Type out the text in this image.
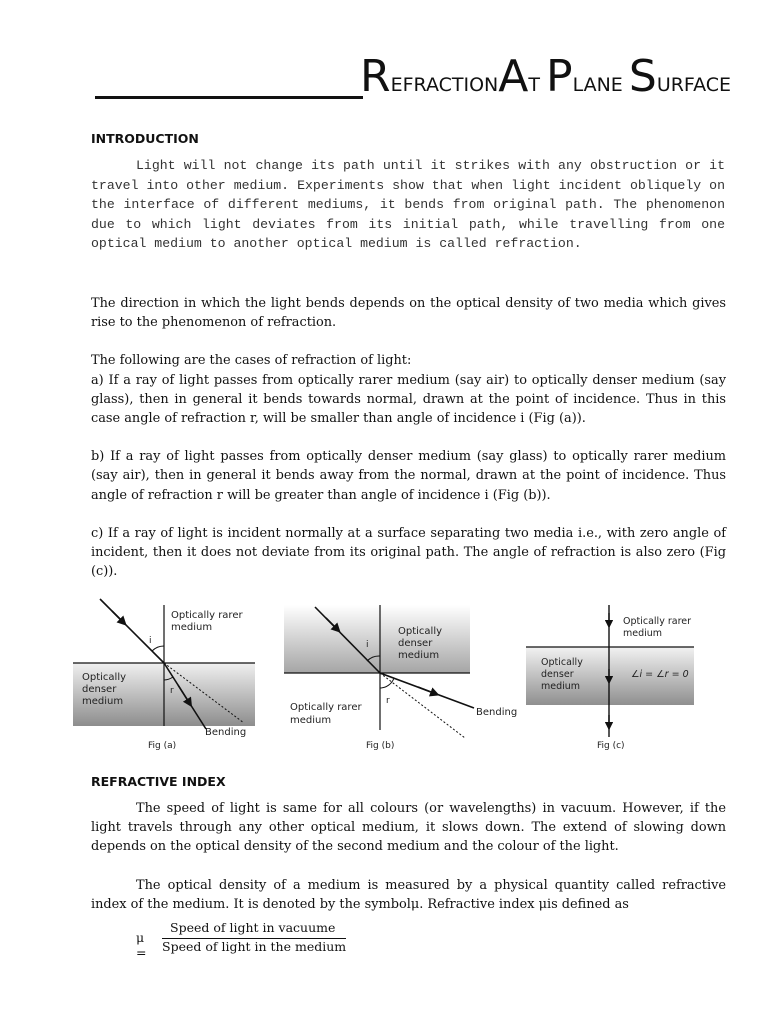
REFRACTIONAT PLANE SURFACE
INTRODUCTION

Light will not change its path until it strikes with any obstruction or it travel into other medium. Experiments show that when light incident obliquely on the interface of different mediums, it bends from original path. The phenomenon due to which light deviates from its initial path, while travelling from one optical medium to another optical medium is called refraction.

The direction in which the light bends depends on the optical density of two media which gives rise to the phenomenon of refraction.

The following are the cases of refraction of light:

a) If a ray of light passes from optically rarer medium (say air) to optically denser medium (say glass), then in general it bends towards normal, drawn at the point of incidence. Thus in this case angle of refraction r, will be smaller than angle of incidence i (Fig (a)).

b) If a ray of light passes from optically denser medium (say glass) to optically rarer medium (say air), then in general it bends away from the normal, drawn at the point of incidence. Thus angle of refraction r will be greater than angle of incidence i (Fig (b)).

c) If a ray of light is incident normally at a surface separating two media i.e., with zero angle of incident, then it does not deviate from its original path. The angle of refraction is also zero (Fig (c)).

i
r
Optically rarer
medium
Optically
denser
medium
Bending
Fig (a)
i
r
Optically
denser
medium
Optically rarer
medium
Bending
Fig (b)
Optically rarer
medium
Optically
denser
medium
∠i = ∠r = 0
Fig (c)
REFRACTIVE INDEX

The speed of light is same for all colours (or wavelengths) in vacuum. However, if the light travels through any other optical medium, it slows down. The extend of slowing down depends on the optical density of the second medium and the colour of the light.

The optical density of a medium is measured by a physical quantity called refractive index of the medium. It is denoted by the symbolμ. Refractive index μis defined as

μ =
Speed of light in vacuume
Speed of light in the medium
